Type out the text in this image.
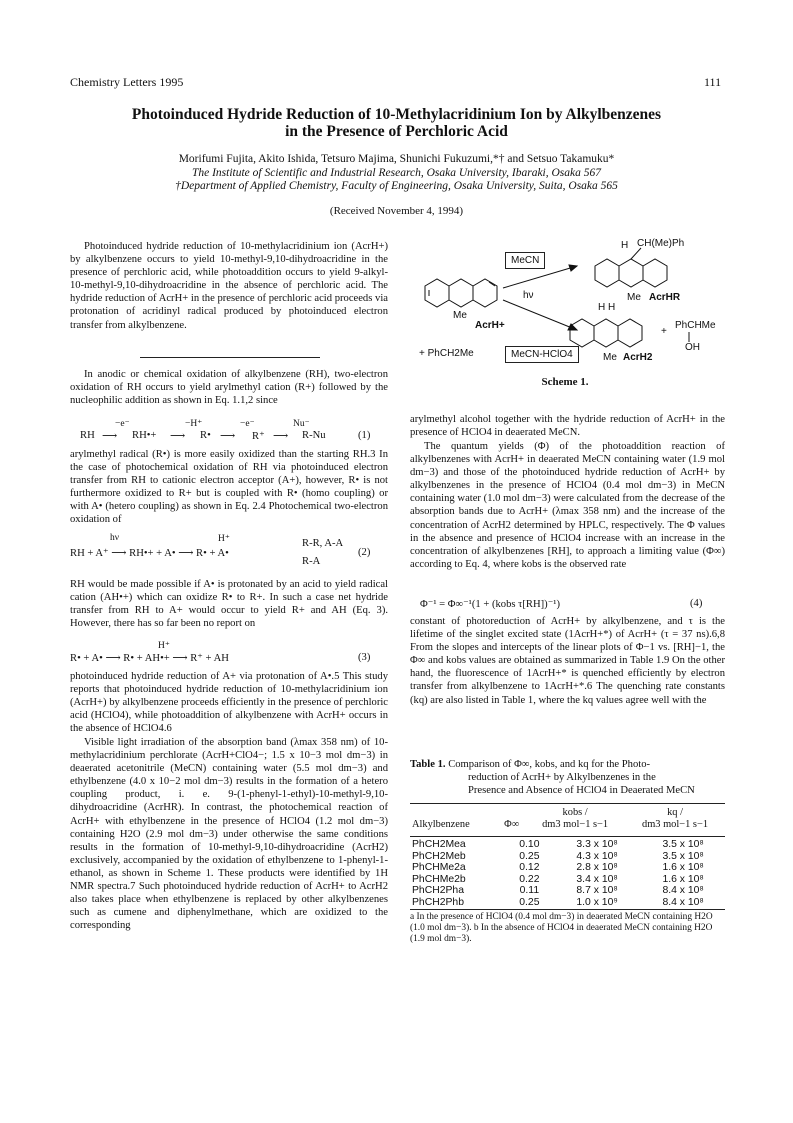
Chemistry Letters 1995	111
Photoinduced Hydride Reduction of 10-Methylacridinium Ion by Alkylbenzenes
in the Presence of Perchloric Acid
Morifumi Fujita, Akito Ishida, Tetsuro Majima, Shunichi Fukuzumi,*† and Setsuo Takamuku*
The Institute of Scientific and Industrial Research, Osaka University, Ibaraki, Osaka 567
†Department of Applied Chemistry, Faculty of Engineering, Osaka University, Suita, Osaka 565
(Received November 4, 1994)

Photoinduced hydride reduction of 10-methylacridinium ion (AcrH+) by alkylbenzene occurs to yield 10-methyl-9,10-dihydroacridine in the presence of perchloric acid, while photoaddition occurs to yield 9-alkyl-10-methyl-9,10-dihydroacridine in the absence of perchloric acid. The hydride reduction of AcrH+ in the presence of perchloric acid proceeds via protonation of acridinyl radical produced by photoinduced electron transfer from alkylbenzene.

In anodic or chemical oxidation of alkylbenzene (RH), two-electron oxidation of RH occurs to yield arylmethyl cation (R+) followed by the nucleophilic addition as shown in Eq. 1.1,2 since

−e⁻	−H⁺	−e⁻	Nu⁻
RH ⟶ RH•+ ⟶ R• ⟶ R⁺ ⟶ R-Nu	(1)

arylmethyl radical (R•) is more easily oxidized than the starting RH.3 In the case of photochemical oxidation of RH via photoinduced electron transfer from RH to cationic electron acceptor (A+), however, R• is not furthermore oxidized to R+ but is coupled with R• (homo coupling) or with A• (hetero coupling) as shown in Eq. 2.4 Photochemical two-electron oxidation of

hν	H⁺
RH + A⁺ ⟶ RH•+ + A• ⟶ R• + A•
R-R, A-A
R-A
(2)

RH would be made possible if A• is protonated by an acid to yield radical cation (AH•+) which can oxidize R• to R+. In such a case net hydride transfer from RH to A+ would occur to yield R+ and AH (Eq. 3). However, there has so far been no report on

H⁺
R• + A• ⟶ R• + AH•+ ⟶ R⁺ + AH	(3)

photoinduced hydride reduction of A+ via protonation of A•.5 This study reports that photoinduced hydride reduction of 10-methylacridinium ion (AcrH+) by alkylbenzene proceeds efficiently in the presence of perchloric acid (HClO4), while photoaddition of alkylbenzene with AcrH+ occurs in the absence of HClO4.6

Visible light irradiation of the absorption band (λmax 358 nm) of 10-methylacridinium perchlorate (AcrH+ClO4−; 1.5 x 10−3 mol dm−3) in deaerated acetonitrile (MeCN) containing water (5.5 mol dm−3) and ethylbenzene (4.0 x 10−2 mol dm−3) results in the formation of a hetero coupling product, i. e. 9-(1-phenyl-1-ethyl)-10-methyl-9,10-dihydroacridine (AcrHR). In contrast, the photochemical reaction of AcrH+ with ethylbenzene in the presence of HClO4 (1.2 mol dm−3) containing H2O (2.9 mol dm−3) under otherwise the same conditions results in the formation of 10-methyl-9,10-dihydroacridine (AcrH2) exclusively, accompanied by the oxidation of ethylbenzene to 1-phenyl-1-ethanol, as shown in Scheme 1. These products were identified by 1H NMR spectra.7 Such photoinduced hydride reduction of AcrH+ to AcrH2 also takes place when ethylbenzene is replaced by other alkylbenzenes such as cumene and diphenylmethane, which are oxidized to the corresponding

MeCN
MeCN-HClO4
hν
Me
AcrH+
+ PhCH2Me
H CH(Me)Ph
Me AcrHR
H H
Me AcrH2
+
PhCHMe
OH
Scheme 1.

arylmethyl alcohol together with the hydride reduction of AcrH+ in the presence of HClO4 in deaerated MeCN.

The quantum yields (Φ) of the photoaddition reaction of alkylbenzenes with AcrH+ in deaerated MeCN containing water (1.9 mol dm−3) and those of the photoinduced hydride reduction of AcrH+ by alkylbenzenes in the presence of HClO4 (0.4 mol dm−3) in MeCN containing water (1.0 mol dm−3) were calculated from the decrease of the absorption bands due to AcrH+ (λmax 358 nm) and the increase of the concentration of AcrH2 determined by HPLC, respectively. The Φ values in the absence and presence of HClO4 increase with an increase in the concentration of alkylbenzenes [RH], to approach a limiting value (Φ∞) according to Eq. 4, where kobs is the observed rate

Φ⁻¹ = Φ∞⁻¹(1 + (kobs τ[RH])⁻¹)	(4)

constant of photoreduction of AcrH+ by alkylbenzene, and τ is the lifetime of the singlet excited state (1AcrH+*) of AcrH+ (τ = 37 ns).6,8 From the slopes and intercepts of the linear plots of Φ−1 vs. [RH]−1, the Φ∞ and kobs values are obtained as summarized in Table 1.9 On the other hand, the fluorescence of 1AcrH+* is quenched efficiently by electron transfer from alkylbenzene to 1AcrH+*.6 The quenching rate constants (kq) are also listed in Table 1, where the kq values agree well with the

Table 1. Comparison of Φ∞, kobs, and kq for the Photo-
reduction of AcrH+ by Alkylbenzenes in the
Presence and Absence of HClO4 in Deaerated MeCN
		kobs /	kq /
Alkylbenzene	Φ∞	dm3 mol−1 s−1	dm3 mol−1 s−1
PhCH2Mea	0.10	3.3 x 10⁸	3.5 x 10⁸
PhCH2Meb	0.25	4.3 x 10⁸	3.5 x 10⁸
PhCHMe2a	0.12	2.8 x 10⁸	1.6 x 10⁸
PhCHMe2b	0.22	3.4 x 10⁸	1.6 x 10⁸
PhCH2Pha	0.11	8.7 x 10⁸	8.4 x 10⁸
PhCH2Phb	0.25	1.0 x 10⁹	8.4 x 10⁸
a In the presence of HClO4 (0.4 mol dm−3) in deaerated MeCN containing H2O (1.0 mol dm−3). b In the absence of HClO4 in deaerated MeCN containing H2O (1.9 mol dm−3).
